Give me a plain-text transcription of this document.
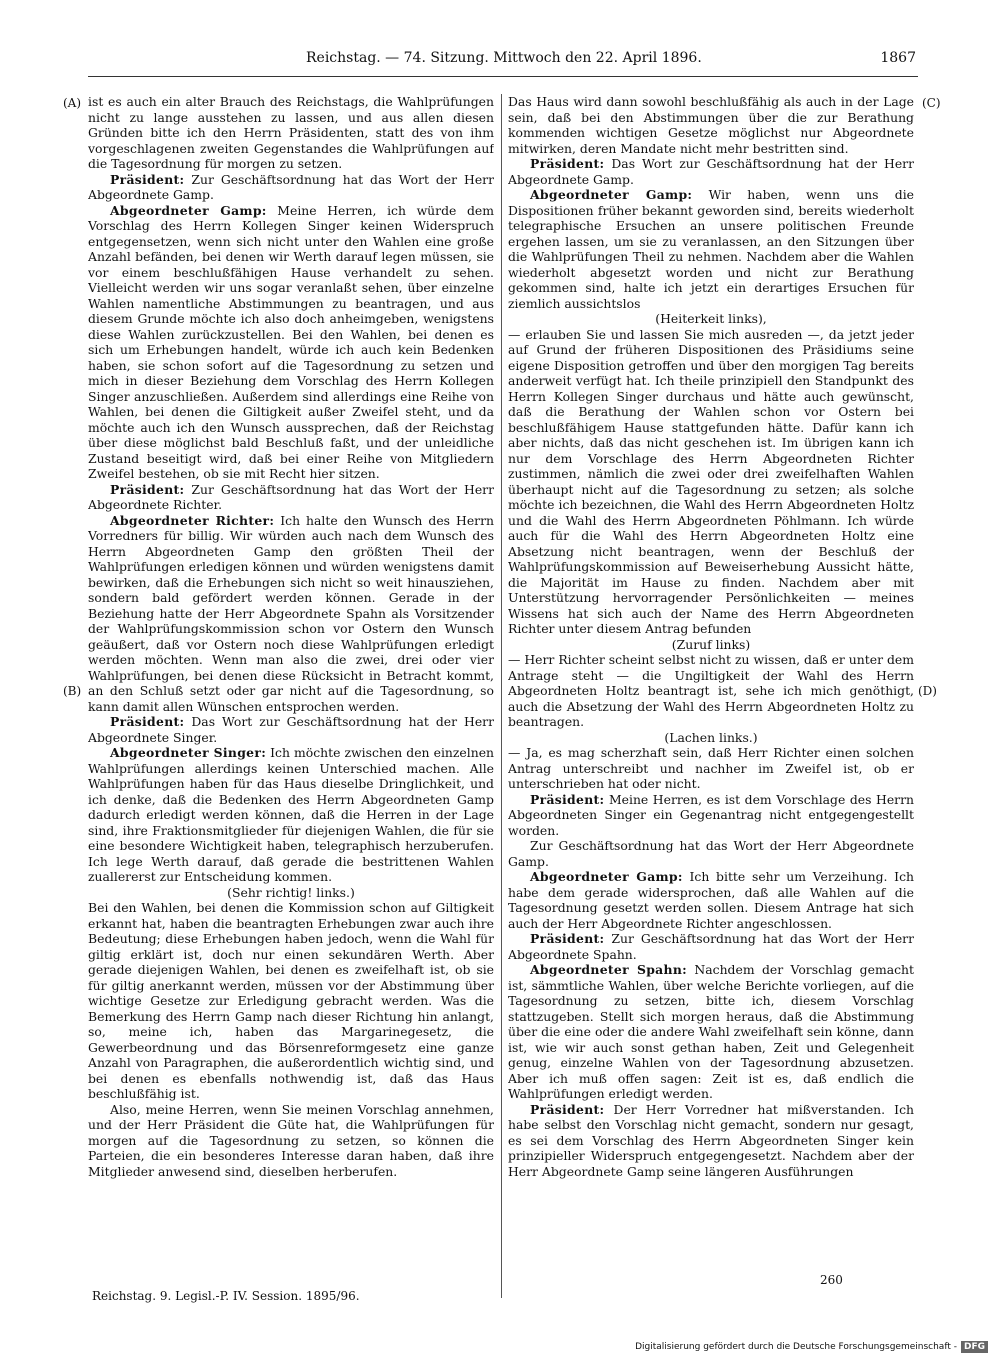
Reichstag. — 74. Sitzung. Mittwoch den 22. April 1896.	1867
(A)
(B)
(C)
(D)

ist es auch ein alter Brauch des Reichstags, die Wahlprüfungen nicht zu lange ausstehen zu lassen, und aus allen diesen Gründen bitte ich den Herrn Präsidenten, statt des von ihm vorgeschlagenen zweiten Gegenstandes die Wahlprüfungen auf die Tagesordnung für morgen zu setzen.

Präsident: Zur Geschäftsordnung hat das Wort der Herr Abgeordnete Gamp.

Abgeordneter Gamp: Meine Herren, ich würde dem Vorschlag des Herrn Kollegen Singer keinen Widerspruch entgegensetzen, wenn sich nicht unter den Wahlen eine große Anzahl befänden, bei denen wir Werth darauf legen müssen, sie vor einem beschlußfähigen Hause verhandelt zu sehen. Vielleicht werden wir uns sogar veranlaßt sehen, über einzelne Wahlen namentliche Abstimmungen zu beantragen, und aus diesem Grunde möchte ich also doch anheimgeben, wenigstens diese Wahlen zurückzustellen. Bei den Wahlen, bei denen es sich um Erhebungen handelt, würde ich auch kein Bedenken haben, sie schon sofort auf die Tagesordnung zu setzen und mich in dieser Beziehung dem Vorschlag des Herrn Kollegen Singer anzuschließen. Außerdem sind allerdings eine Reihe von Wahlen, bei denen die Giltigkeit außer Zweifel steht, und da möchte auch ich den Wunsch aussprechen, daß der Reichstag über diese möglichst bald Beschluß faßt, und der unleidliche Zustand beseitigt wird, daß bei einer Reihe von Mitgliedern Zweifel bestehen, ob sie mit Recht hier sitzen.

Präsident: Zur Geschäftsordnung hat das Wort der Herr Abgeordnete Richter.

Abgeordneter Richter: Ich halte den Wunsch des Herrn Vorredners für billig. Wir würden auch nach dem Wunsch des Herrn Abgeordneten Gamp den größten Theil der Wahlprüfungen erledigen können und würden wenigstens damit bewirken, daß die Erhebungen sich nicht so weit hinausziehen, sondern bald gefördert werden können. Gerade in der Beziehung hatte der Herr Abgeordnete Spahn als Vorsitzender der Wahlprüfungskommission schon vor Ostern den Wunsch geäußert, daß vor Ostern noch diese Wahlprüfungen erledigt werden möchten. Wenn man also die zwei, drei oder vier Wahlprüfungen, bei denen diese Rücksicht in Betracht kommt, an den Schluß setzt oder gar nicht auf die Tagesordnung, so kann damit allen Wünschen entsprochen werden.

Präsident: Das Wort zur Geschäftsordnung hat der Herr Abgeordnete Singer.

Abgeordneter Singer: Ich möchte zwischen den einzelnen Wahlprüfungen allerdings keinen Unterschied machen. Alle Wahlprüfungen haben für das Haus dieselbe Dringlichkeit, und ich denke, daß die Bedenken des Herrn Abgeordneten Gamp dadurch erledigt werden können, daß die Herren in der Lage sind, ihre Fraktionsmitglieder für diejenigen Wahlen, die für sie eine besondere Wichtigkeit haben, telegraphisch herzuberufen. Ich lege Werth darauf, daß gerade die bestrittenen Wahlen zuallererst zur Entscheidung kommen.

(Sehr richtig! links.)

Bei den Wahlen, bei denen die Kommission schon auf Giltigkeit erkannt hat, haben die beantragten Erhebungen zwar auch ihre Bedeutung; diese Erhebungen haben jedoch, wenn die Wahl für giltig erklärt ist, doch nur einen sekundären Werth. Aber gerade diejenigen Wahlen, bei denen es zweifelhaft ist, ob sie für giltig anerkannt werden, müssen vor der Abstimmung über wichtige Gesetze zur Erledigung gebracht werden. Was die Bemerkung des Herrn Gamp nach dieser Richtung hin anlangt, so, meine ich, haben das Margarinegesetz, die Gewerbeordnung und das Börsenreformgesetz eine ganze Anzahl von Paragraphen, die außerordentlich wichtig sind, und bei denen es ebenfalls nothwendig ist, daß das Haus beschlußfähig ist.

Also, meine Herren, wenn Sie meinen Vorschlag annehmen, und der Herr Präsident die Güte hat, die Wahlprüfungen für morgen auf die Tagesordnung zu setzen, so können die Parteien, die ein besonderes Interesse daran haben, daß ihre Mitglieder anwesend sind, dieselben herberufen.

Das Haus wird dann sowohl beschlußfähig als auch in der Lage sein, daß bei den Abstimmungen über die zur Berathung kommenden wichtigen Gesetze möglichst nur Abgeordnete mitwirken, deren Mandate nicht mehr bestritten sind.

Präsident: Das Wort zur Geschäftsordnung hat der Herr Abgeordnete Gamp.

Abgeordneter Gamp: Wir haben, wenn uns die Dispositionen früher bekannt geworden sind, bereits wiederholt telegraphische Ersuchen an unsere politischen Freunde ergehen lassen, um sie zu veranlassen, an den Sitzungen über die Wahlprüfungen Theil zu nehmen. Nachdem aber die Wahlen wiederholt abgesetzt worden und nicht zur Berathung gekommen sind, halte ich jetzt ein derartiges Ersuchen für ziemlich aussichtslos

(Heiterkeit links),

— erlauben Sie und lassen Sie mich ausreden —, da jetzt jeder auf Grund der früheren Dispositionen des Präsidiums seine eigene Disposition getroffen und über den morgigen Tag bereits anderweit verfügt hat. Ich theile prinzipiell den Standpunkt des Herrn Kollegen Singer durchaus und hätte auch gewünscht, daß die Berathung der Wahlen schon vor Ostern bei beschlußfähigem Hause stattgefunden hätte. Dafür kann ich aber nichts, daß das nicht geschehen ist. Im übrigen kann ich nur dem Vorschlage des Herrn Abgeordneten Richter zustimmen, nämlich die zwei oder drei zweifelhaften Wahlen überhaupt nicht auf die Tagesordnung zu setzen; als solche möchte ich bezeichnen, die Wahl des Herrn Abgeordneten Holtz und die Wahl des Herrn Abgeordneten Pöhlmann. Ich würde auch für die Wahl des Herrn Abgeordneten Holtz eine Absetzung nicht beantragen, wenn der Beschluß der Wahlprüfungskommission auf Beweiserhebung Aussicht hätte, die Majorität im Hause zu finden. Nachdem aber mit Unterstützung hervorragender Persönlichkeiten — meines Wissens hat sich auch der Name des Herrn Abgeordneten Richter unter diesem Antrag befunden

(Zuruf links)

— Herr Richter scheint selbst nicht zu wissen, daß er unter dem Antrage steht — die Ungiltigkeit der Wahl des Herrn Abgeordneten Holtz beantragt ist, sehe ich mich genöthigt, auch die Absetzung der Wahl des Herrn Abgeordneten Holtz zu beantragen.

(Lachen links.)

— Ja, es mag scherzhaft sein, daß Herr Richter einen solchen Antrag unterschreibt und nachher im Zweifel ist, ob er unterschrieben hat oder nicht.

Präsident: Meine Herren, es ist dem Vorschlage des Herrn Abgeordneten Singer ein Gegenantrag nicht entgegengestellt worden.

Zur Geschäftsordnung hat das Wort der Herr Abgeordnete Gamp.

Abgeordneter Gamp: Ich bitte sehr um Verzeihung. Ich habe dem gerade widersprochen, daß alle Wahlen auf die Tagesordnung gesetzt werden sollen. Diesem Antrage hat sich auch der Herr Abgeordnete Richter angeschlossen.

Präsident: Zur Geschäftsordnung hat das Wort der Herr Abgeordnete Spahn.

Abgeordneter Spahn: Nachdem der Vorschlag gemacht ist, sämmtliche Wahlen, über welche Berichte vorliegen, auf die Tagesordnung zu setzen, bitte ich, diesem Vorschlag stattzugeben. Stellt sich morgen heraus, daß die Abstimmung über die eine oder die andere Wahl zweifelhaft sein könne, dann ist, wie wir auch sonst gethan haben, Zeit und Gelegenheit genug, einzelne Wahlen von der Tagesordnung abzusetzen. Aber ich muß offen sagen: Zeit ist es, daß endlich die Wahlprüfungen erledigt werden.

Präsident: Der Herr Vorredner hat mißverstanden. Ich habe selbst den Vorschlag nicht gemacht, sondern nur gesagt, es sei dem Vorschlag des Herrn Abgeordneten Singer kein prinzipieller Widerspruch entgegengesetzt. Nachdem aber der Herr Abgeordnete Gamp seine längeren Ausführungen

Reichstag. 9. Legisl.-P. IV. Session. 1895/96.
260
Digitalisierung gefördert durch die Deutsche Forschungsgemeinschaft - DFG
